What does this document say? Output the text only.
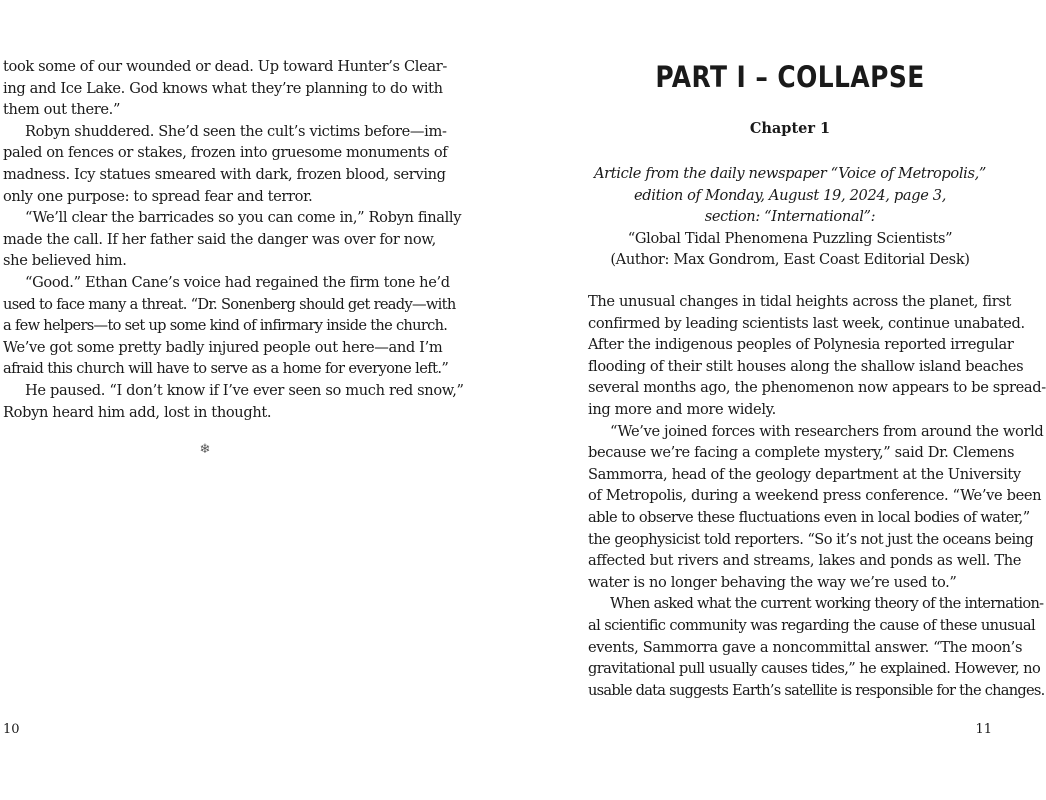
took some of our wounded or dead. Up toward Hunter’s Clear-
ing and Ice Lake. God knows what they’re planning to do with
them out there.”
Robyn shuddered. She’d seen the cult’s victims before—im-
paled on fences or stakes, frozen into gruesome monuments of
madness. Icy statues smeared with dark, frozen blood, serving
only one purpose: to spread fear and terror.
“We’ll clear the barricades so you can come in,” Robyn finally
made the call. If her father said the danger was over for now,
she believed him.
“Good.” Ethan Cane’s voice had regained the firm tone he’d
used to face many a threat. “Dr. Sonenberg should get ready—with
a few helpers—to set up some kind of infirmary inside the church.
We’ve got some pretty badly injured people out here—and I’m
afraid this church will have to serve as a home for everyone left.”
He paused. “I don’t know if I’ve ever seen so much red snow,”
Robyn heard him add, lost in thought.
❄
10
PART I – COLLAPSE
Chapter 1
Article from the daily newspaper “Voice of Metropolis,”
edition of Monday, August 19, 2024, page 3,
section: “International”:
“Global Tidal Phenomena Puzzling Scientists”
(Author: Max Gondrom, East Coast Editorial Desk)
The unusual changes in tidal heights across the planet, first
confirmed by leading scientists last week, continue unabated.
After the indigenous peoples of Polynesia reported irregular
flooding of their stilt houses along the shallow island beaches
several months ago, the phenomenon now appears to be spread-
ing more and more widely.
“We’ve joined forces with researchers from around the world
because we’re facing a complete mystery,” said Dr. Clemens
Sammorra, head of the geology department at the University
of Metropolis, during a weekend press conference. “We’ve been
able to observe these fluctuations even in local bodies of water,”
the geophysicist told reporters. “So it’s not just the oceans being
affected but rivers and streams, lakes and ponds as well. The
water is no longer behaving the way we’re used to.”
When asked what the current working theory of the internation-
al scientific community was regarding the cause of these unusual
events, Sammorra gave a noncommittal answer. “The moon’s
gravitational pull usually causes tides,” he explained. However, no
usable data suggests Earth’s satellite is responsible for the changes.
11
